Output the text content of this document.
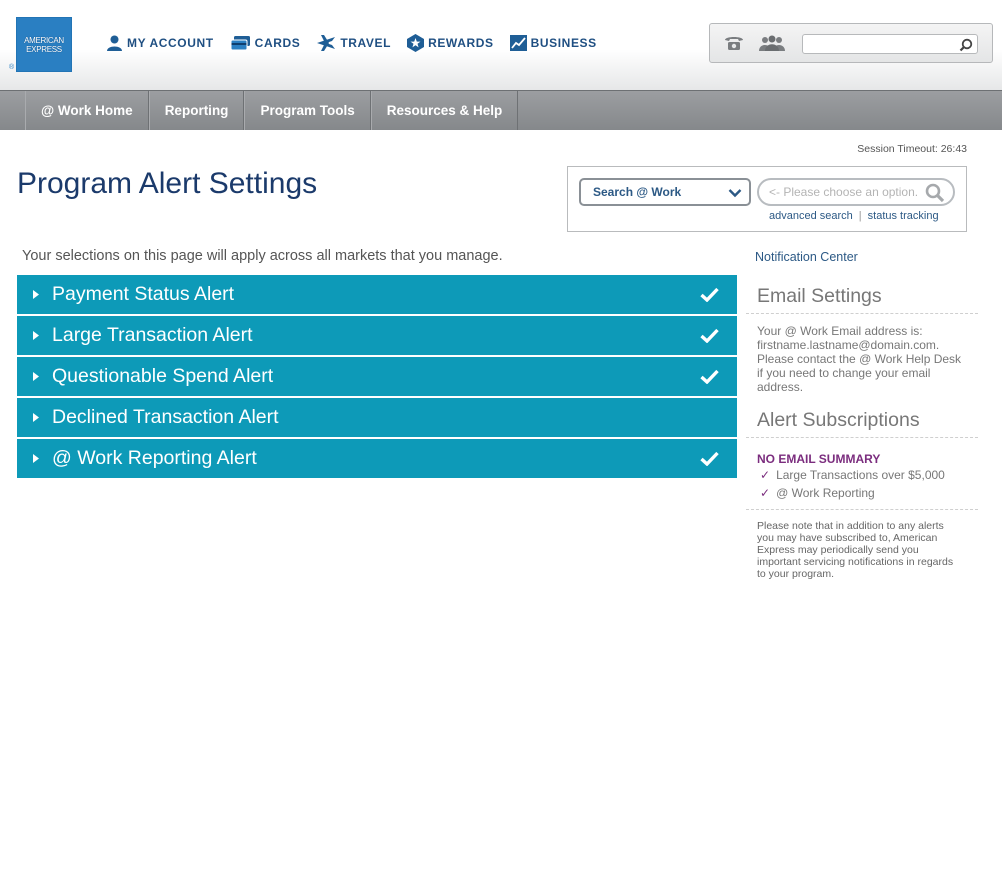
AMERICAN
EXPRESS
®
MY ACCOUNT	CARDS	TRAVEL	REWARDS	BUSINESS
@ Work Home	Reporting	Program Tools	Resources & Help
Session Timeout: 26:43
Program Alert Settings	Search @ Work
<- Please choose an option.
advanced search | status tracking

Your selections on this page will apply across all markets that you manage.

Payment Status Alert
Large Transaction Alert
Questionable Spend Alert
Declined Transaction Alert
@ Work Reporting Alert
Notification Center
Email Settings
Your @ Work Email address is:
firstname.lastname@domain.com.
Please contact the @ Work Help Desk
if you need to change your email
address.
Alert Subscriptions
NO EMAIL SUMMARY
✓ Large Transactions over $5,000
✓ @ Work Reporting
Please note that in addition to any alerts
you may have subscribed to, American
Express may periodically send you
important servicing notifications in regards
to your program.
